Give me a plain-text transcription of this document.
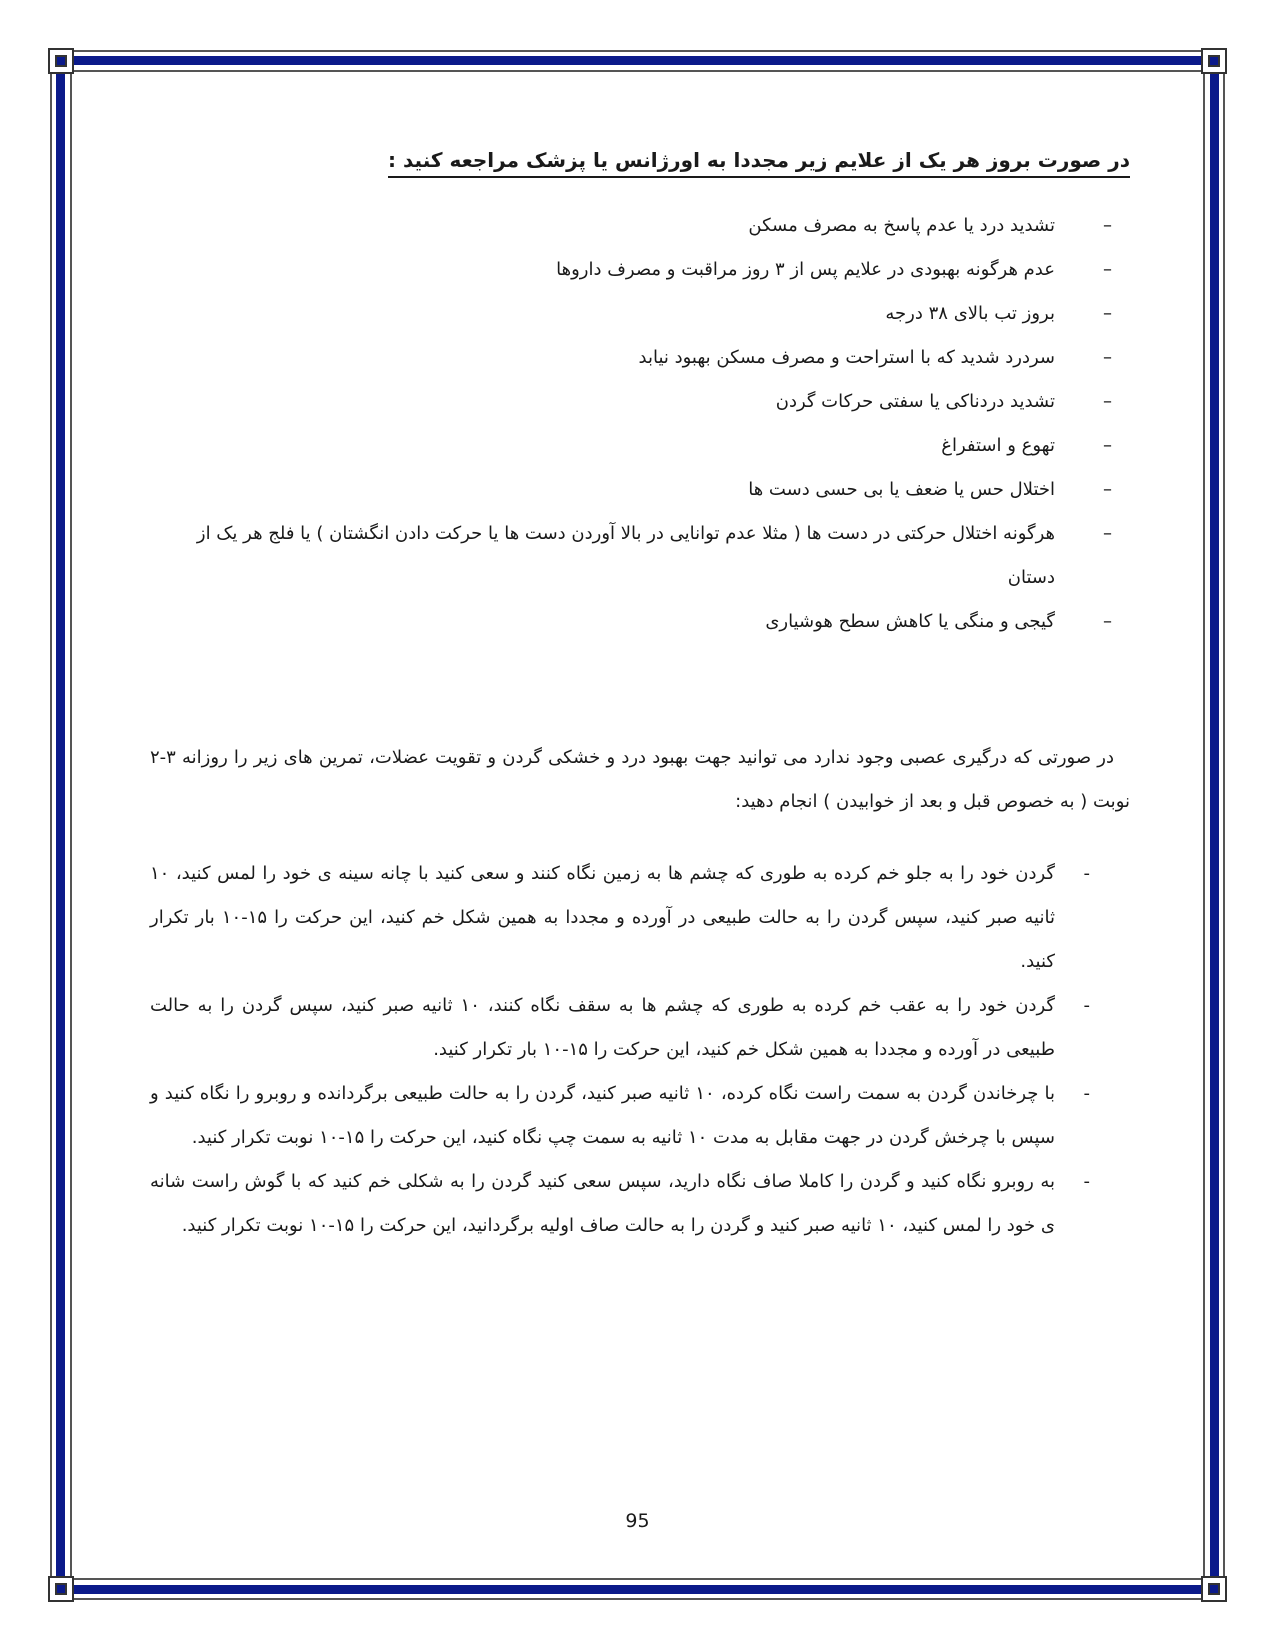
در صورت بروز هر یک از علایم زیر مجددا به اورژانس یا پزشک مراجعه کنید :
–
تشدید درد یا عدم پاسخ به مصرف مسکن
–
عدم هرگونه بهبودی در علایم پس از ۳ روز مراقبت و مصرف داروها
–
بروز تب بالای ۳۸ درجه
–
سردرد شدید که با استراحت و مصرف مسکن بهبود نیابد
–
تشدید دردناکی یا سفتی حرکات گردن
–
تهوع و استفراغ
–
اختلال حس یا ضعف یا بی حسی دست ها
–
هرگونه اختلال حرکتی در دست ها ( مثلا عدم توانایی در بالا آوردن دست ها یا حرکت دادن انگشتان ) یا فلج هر یک از دستان
–
گیجی و منگی یا کاهش سطح هوشیاری

در صورتی که درگیری عصبی وجود ندارد می توانید جهت بهبود درد و خشکی گردن و تقویت عضلات، تمرین های زیر را روزانه ۳-۲ نوبت ( به خصوص قبل و بعد از خوابیدن ) انجام دهید:

-
گردن خود را به جلو خم کرده به طوری که چشم ها به زمین نگاه کنند و سعی کنید با چانه سینه ی خود را لمس کنید، ۱۰ ثانیه صبر کنید، سپس گردن را به حالت طبیعی در آورده و مجددا به همین شکل خم کنید، این حرکت را ۱۵-۱۰ بار تکرار کنید.
-
گردن خود را به عقب خم کرده به طوری که چشم ها به سقف نگاه کنند، ۱۰ ثانیه صبر کنید، سپس گردن را به حالت طبیعی در آورده و مجددا به همین شکل خم کنید، این حرکت را ۱۵-۱۰ بار تکرار کنید.
-
با چرخاندن گردن به سمت راست نگاه کرده، ۱۰ ثانیه صبر کنید، گردن را به حالت طبیعی برگردانده و روبرو را نگاه کنید و سپس با چرخش گردن در جهت مقابل به مدت ۱۰ ثانیه به سمت چپ نگاه کنید، این حرکت را ۱۵-۱۰ نوبت تکرار کنید.
-
به روبرو نگاه کنید و گردن را کاملا صاف نگاه دارید، سپس سعی کنید گردن را به شکلی خم کنید که با گوش راست شانه ی خود را لمس کنید، ۱۰ ثانیه صبر کنید و گردن را به حالت صاف اولیه برگردانید، این حرکت را ۱۵-۱۰ نوبت تکرار کنید.
95
